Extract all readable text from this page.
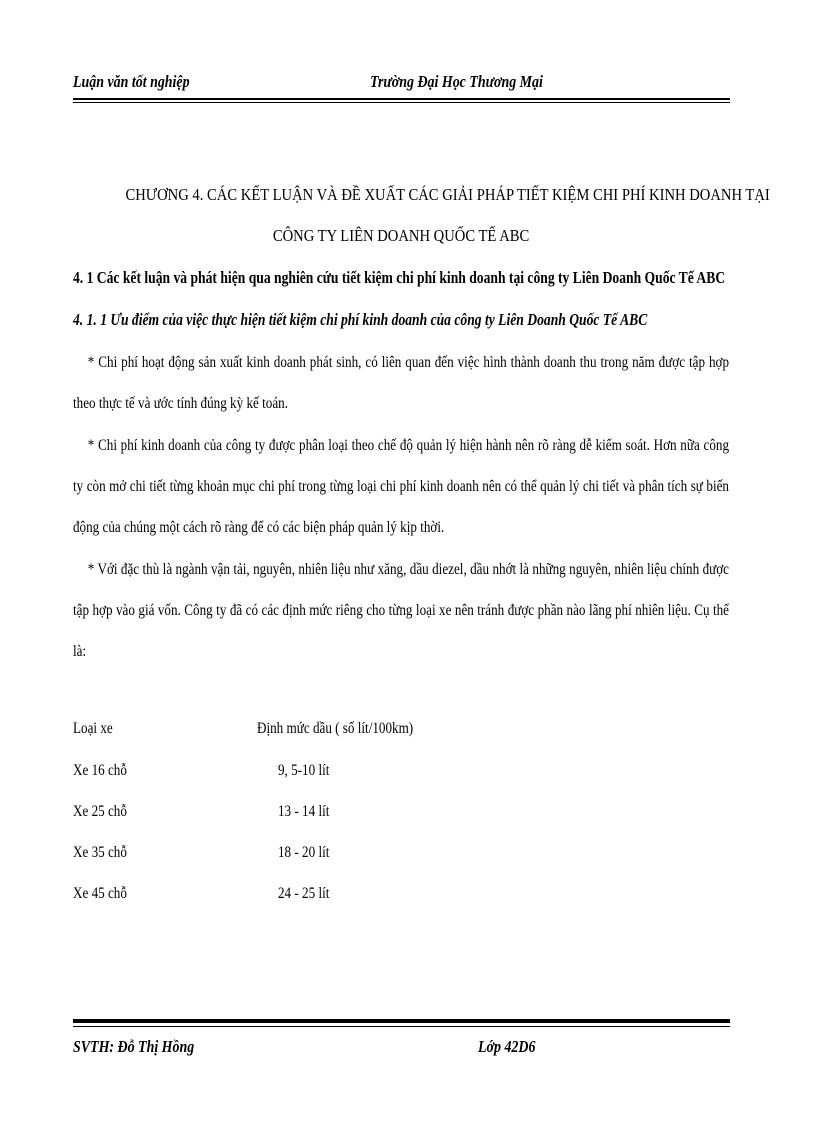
Luận văn tốt nghiệp	Trường Đại Học Thương Mại
CHƯƠNG 4. CÁC KẾT LUẬN VÀ ĐỀ XUẤT CÁC GIẢI PHÁP TIẾT KIỆM CHI PHÍ KINH DOANH TẠI
CÔNG TY LIÊN DOANH QUỐC TẾ ABC
4. 1 Các kết luận và phát hiện qua nghiên cứu tiết kiệm chi phí kinh doanh tại công ty Liên Doanh Quốc Tế ABC
4. 1. 1 Ưu điểm của việc thực hiện tiết kiệm chi phí kinh doanh của công ty Liên Doanh Quốc Tế ABC
* Chi phí hoạt động sản xuất kinh doanh phát sinh, có liên quan đến việc hình thành doanh thu trong năm được tập hợp theo thực tế và ước tính đúng kỳ kế toán.
* Chi phí kinh doanh của công ty được phân loại theo chế độ quản lý hiện hành nên rõ ràng dễ kiểm soát. Hơn nữa công ty còn mở chi tiết từng khoản mục chi phí trong từng loại chi phí kinh doanh nên có thể quản lý chi tiết và phân tích sự biến động của chúng một cách rõ ràng để có các biện pháp quản lý kịp thời.
* Với đặc thù là ngành vận tải, nguyên, nhiên liệu như xăng, dầu diezel, dầu nhớt là những nguyên, nhiên liệu chính được tập hợp vào giá vốn. Công ty đã có các định mức riêng cho từng loại xe nên tránh được phần nào lãng phí nhiên liệu. Cụ thể là:
Loại xe	Định mức dầu ( số lít/100km)
Xe 16 chỗ	9, 5-10 lít
Xe 25 chỗ	13 - 14 lít
Xe 35 chỗ	18 - 20 lít
Xe 45 chỗ	24 - 25 lít
SVTH: Đỗ Thị Hồng	Lớp 42D6
